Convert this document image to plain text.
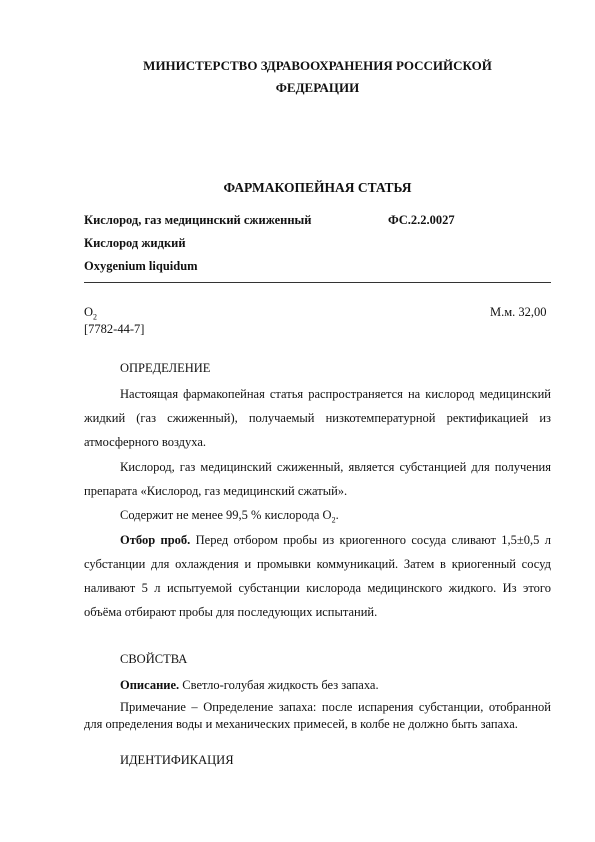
МИНИСТЕРСТВО ЗДРАВООХРАНЕНИЯ РОССИЙСКОЙ
ФЕДЕРАЦИИ
ФАРМАКОПЕЙНАЯ СТАТЬЯ
Кислород, газ медицинский сжиженный	ФС.2.2.0027
Кислород жидкий
Oxygenium liquidum
$O_2$	М.м. 32,00
[7782-44-7]
ОПРЕДЕЛЕНИЕ

Настоящая фармакопейная статья распространяется на кислород медицинский жидкий (газ сжиженный), получаемый низкотемпературной ректификацией из атмосферного воздуха.

Кислород, газ медицинский сжиженный, является субстанцией для получения препарата «Кислород, газ медицинский сжатый».

Содержит не менее 99,5 % кислорода $O_2$.

Отбор проб. Перед отбором пробы из криогенного сосуда сливают 1,5±0,5 л субстанции для охлаждения и промывки коммуникаций. Затем в криогенный сосуд наливают 5 л испытуемой субстанции кислорода медицинского жидкого. Из этого объёма отбирают пробы для последующих испытаний.

СВОЙСТВА

Описание. Светло-голубая жидкость без запаха.

Примечание – Определение запаха: после испарения субстанции, отобранной для определения воды и механических примесей, в колбе не должно быть запаха.

ИДЕНТИФИКАЦИЯ
